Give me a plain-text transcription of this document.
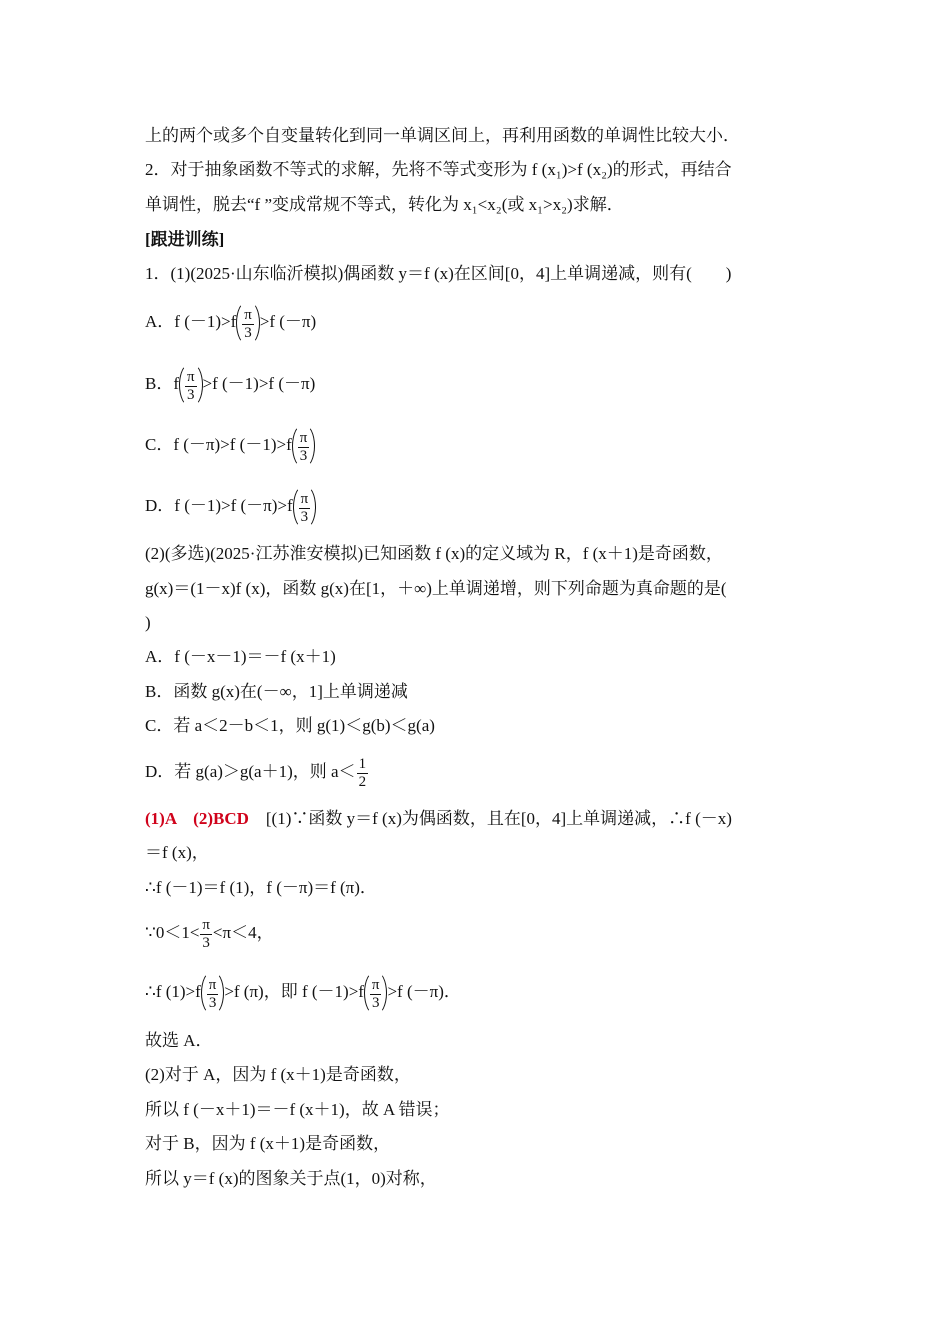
上的两个或多个自变量转化到同一单调区间上，再利用函数的单调性比较大小．
2．对于抽象函数不等式的求解，先将不等式变形为 f (x₁)>f (x₂)的形式，再结合
单调性，脱去“f ”变成常规不等式，转化为 x₁<x₂(或 x₁>x₂)求解．
[跟进训练]
1．(1)(2025·山东临沂模拟)偶函数 y＝f (x)在区间[0，4]上单调递减，则有(　　)
A．f $(-1)>f \frac{\pi}{3} >f$ (－π)
B．f $\frac{\pi}{3} >f$ (－1)>f (－π)
C．f (－π)>f $(-1)>f \frac{\pi}{3}$
D．f (－1)>f $(-\pi)>f \frac{\pi}{3}$
(2)(多选)(2025·江苏淮安模拟)已知函数 f (x)的定义域为 R，f (x＋1)是奇函数，
g(x)＝(1－x)f (x)，函数 g(x)在[1，＋∞)上单调递增，则下列命题为真命题的是(
)
A．f (－x－1)＝－f (x＋1)
B．函数 g(x)在(－∞，1]上单调递减
C．若 a＜2－b＜1，则 g(1)＜g(b)＜g(a)
D．若 g(a)＞g(a＋1)，则 $a< \frac{1}{2}$
(1)A　(2)BCD　 [(1)∵函数 y＝f (x)为偶函数，且在[0，4]上单调递减，∴f (－x)
＝f (x)，
∴f (－1)＝f (1)，f (－π)＝f (π)．
∵0＜1< $\frac{\pi}{3} <\pi<4$，
∴f $(1)>f \frac{\pi}{3} >f$ (π)，即 f $(-1)>f \frac{\pi}{3} >f$ (－π)．
故选 A．
(2)对于 A，因为 f (x＋1)是奇函数，
所以 f (－x＋1)＝－f (x＋1)，故 A 错误；
对于 B，因为 f (x＋1)是奇函数，
所以 y＝f (x)的图象关于点(1，0)对称，
